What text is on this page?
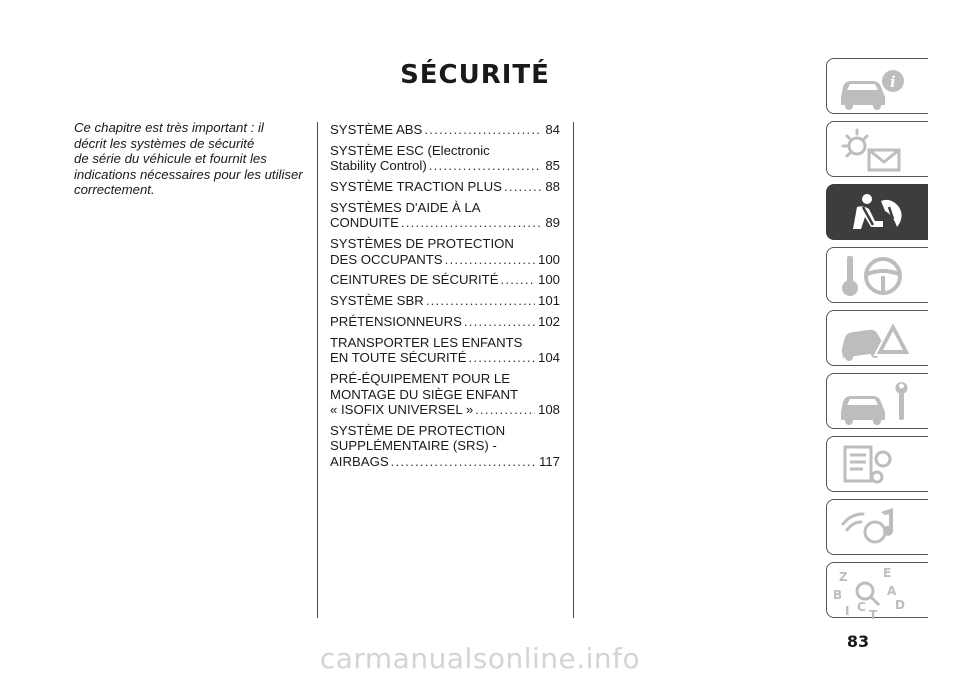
SÉCURITÉ
Ce chapitre est très important : il
décrit les systèmes de sécurité
de série du véhicule et fournit les
indications nécessaires pour les utiliser
correctement.
SYSTÈME ABS .....	84
SYSTÈME ESC (Electronic
Stability Control) .....	85
SYSTÈME TRACTION PLUS .....	88
SYSTÈMES D'AIDE À LA
CONDUITE .....	89
SYSTÈMES DE PROTECTION
DES OCCUPANTS .....	100
CEINTURES DE SÉCURITÉ .....	100
SYSTÈME SBR .....	101
PRÉTENSIONNEURS .....	102
TRANSPORTER LES ENFANTS
EN TOUTE SÉCURITÉ .....	104
PRÉ-ÉQUIPEMENT POUR LE
MONTAGE DU SIÈGE ENFANT
« ISOFIX UNIVERSEL » .....	108
SYSTÈME DE PROTECTION
SUPPLÉMENTAIRE (SRS) -
AIRBAGS .....	117
i
Z	E
B	A
I C
T
D
83
carmanualsonline.info
